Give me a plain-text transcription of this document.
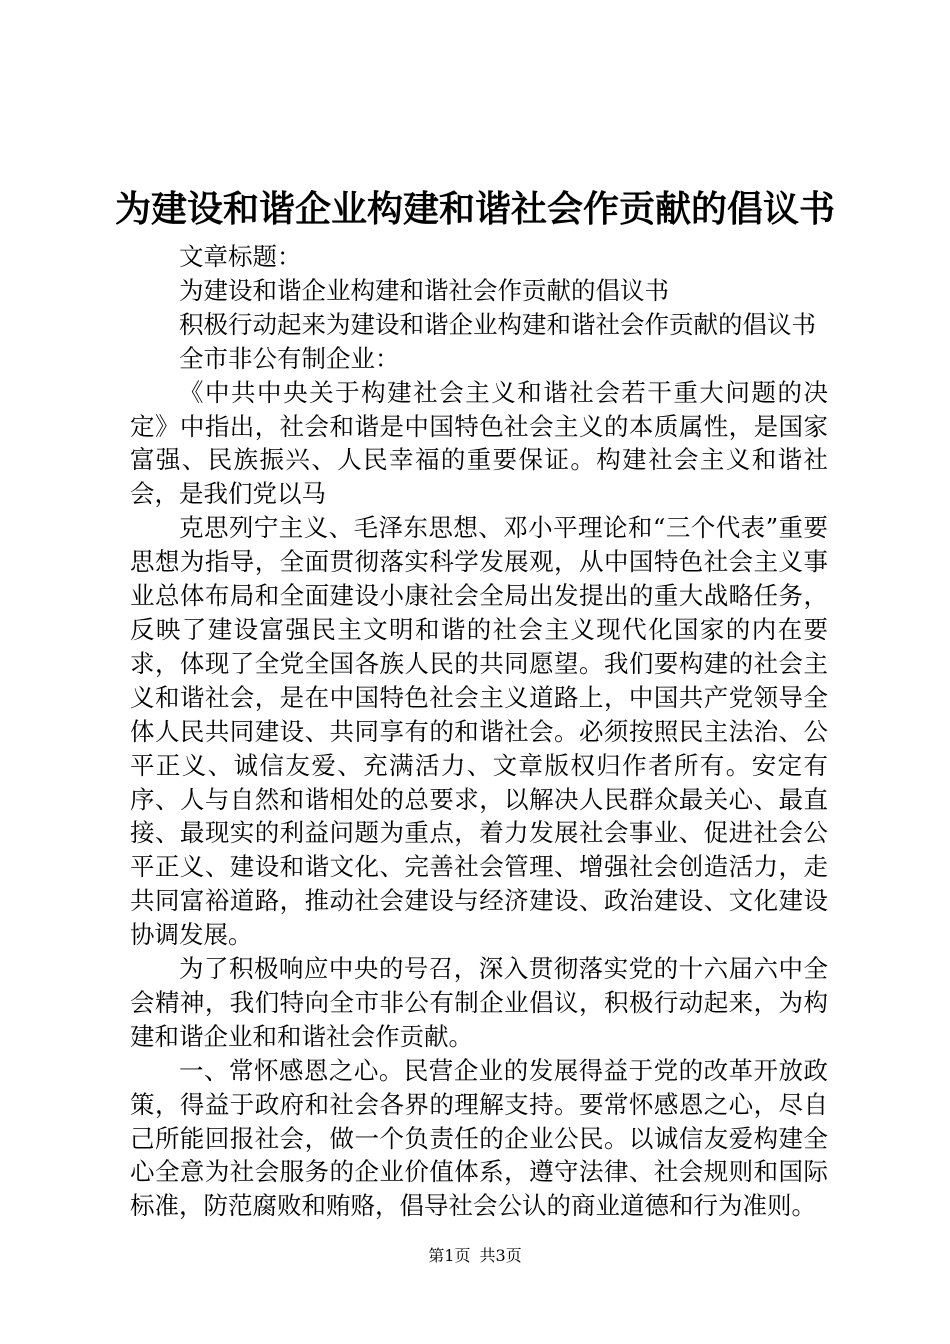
为建设和谐企业构建和谐社会作贡献的倡议书

文章标题：

为建设和谐企业构建和谐社会作贡献的倡议书

积极行动起来为建设和谐企业构建和谐社会作贡献的倡议书

全市非公有制企业：

《中共中央关于构建社会主义和谐社会若干重大问题的决定》中指出，社会和谐是中国特色社会主义的本质属性，是国家富强、民族振兴、人民幸福的重要保证。构建社会主义和谐社会，是我们党以马

克思列宁主义、毛泽东思想、邓小平理论和“三个代表”重要思想为指导，全面贯彻落实科学发展观，从中国特色社会主义事业总体布局和全面建设小康社会全局出发提出的重大战略任务，反映了建设富强民主文明和谐的社会主义现代化国家的内在要求，体现了全党全国各族人民的共同愿望。我们要构建的社会主义和谐社会，是在中国特色社会主义道路上，中国共产党领导全体人民共同建设、共同享有的和谐社会。必须按照民主法治、公平正义、诚信友爱、充满活力、文章版权归作者所有。安定有序、人与自然和谐相处的总要求，以解决人民群众最关心、最直接、最现实的利益问题为重点，着力发展社会事业、促进社会公平正义、建设和谐文化、完善社会管理、增强社会创造活力，走共同富裕道路，推动社会建设与经济建设、政治建设、文化建设协调发展。

为了积极响应中央的号召，深入贯彻落实党的十六届六中全会精神，我们特向全市非公有制企业倡议，积极行动起来，为构建和谐企业和和谐社会作贡献。

一、常怀感恩之心。民营企业的发展得益于党的改革开放政策，得益于政府和社会各界的理解支持。要常怀感恩之心，尽自己所能回报社会，做一个负责任的企业公民。以诚信友爱构建全心全意为社会服务的企业价值体系，遵守法律、社会规则和国际标准，防范腐败和贿赂，倡导社会公认的商业道德和行为准则。

第1页 共3页
